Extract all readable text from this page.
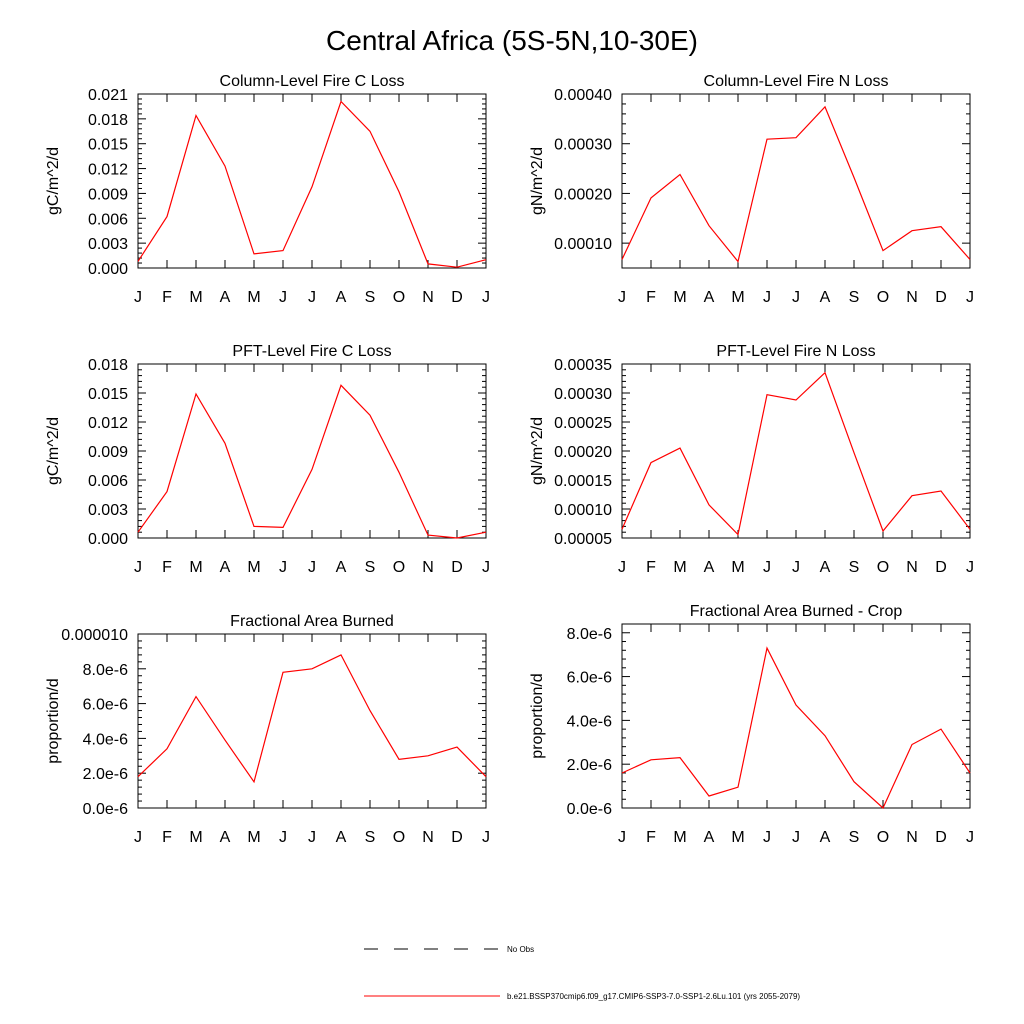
Central Africa (5S-5N,10-30E)
Column-Level Fire C Loss
gC/m^2/d
J F M A M J J A S O N D J
0.000
0.003
0.006
0.009
0.012
0.015
0.018
0.021
Column-Level Fire N Loss
gN/m^2/d
J F M A M J J A S O N D J
0.00010
0.00020
0.00030
0.00040
PFT-Level Fire C Loss
gC/m^2/d
J F M A M J J A S O N D J
0.000
0.003
0.006
0.009
0.012
0.015
0.018
PFT-Level Fire N Loss
gN/m^2/d
J F M A M J J A S O N D J
0.00005
0.00010
0.00015
0.00020
0.00025
0.00030
0.00035
Fractional Area Burned
proportion/d
J F M A M J J A S O N D J
0.0e-6
2.0e-6
4.0e-6
6.0e-6
8.0e-6
0.000010
Fractional Area Burned - Crop
proportion/d
J F M A M J J A S O N D J
0.0e-6
2.0e-6
4.0e-6
6.0e-6
8.0e-6
No Obs
b.e21.BSSP370cmip6.f09_g17.CMIP6-SSP3-7.0-SSP1-2.6Lu.101 (yrs 2055-2079)
